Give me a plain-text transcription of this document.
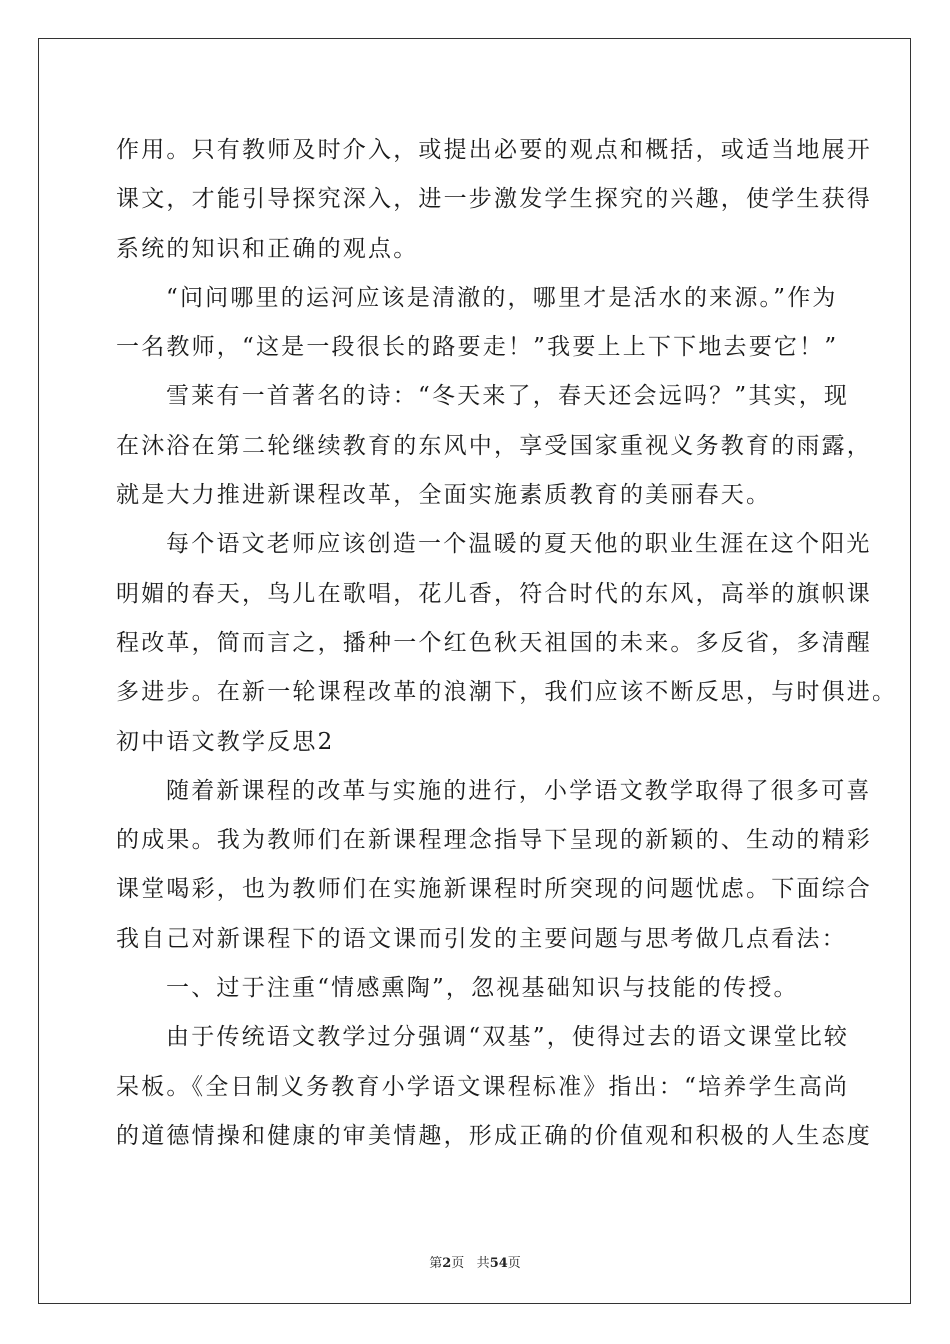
作用。只有教师及时介入，或提出必要的观点和概括，或适当地展开
课文，才能引导探究深入，进一步激发学生探究的兴趣，使学生获得
系统的知识和正确的观点。
“问问哪里的运河应该是清澈的，哪里才是活水的来源。”作为
一名教师，“这是一段很长的路要走！”我要上上下下地去要它！”
雪莱有一首著名的诗：“冬天来了，春天还会远吗？”其实，现
在沐浴在第二轮继续教育的东风中，享受国家重视义务教育的雨露，
就是大力推进新课程改革，全面实施素质教育的美丽春天。
每个语文老师应该创造一个温暖的夏天他的职业生涯在这个阳光
明媚的春天，鸟儿在歌唱，花儿香，符合时代的东风，高举的旗帜课
程改革，简而言之，播种一个红色秋天祖国的未来。多反省，多清醒
多进步。在新一轮课程改革的浪潮下，我们应该不断反思，与时俱进。
初中语文教学反思2
随着新课程的改革与实施的进行，小学语文教学取得了很多可喜
的成果。我为教师们在新课程理念指导下呈现的新颖的、生动的精彩
课堂喝彩，也为教师们在实施新课程时所突现的问题忧虑。下面综合
我自己对新课程下的语文课而引发的主要问题与思考做几点看法：
一、过于注重“情感熏陶”，忽视基础知识与技能的传授。
由于传统语文教学过分强调“双基”，使得过去的语文课堂比较
呆板。《全日制义务教育小学语文课程标准》指出：“培养学生高尚
的道德情操和健康的审美情趣，形成正确的价值观和积极的人生态度
第2页 共54页
